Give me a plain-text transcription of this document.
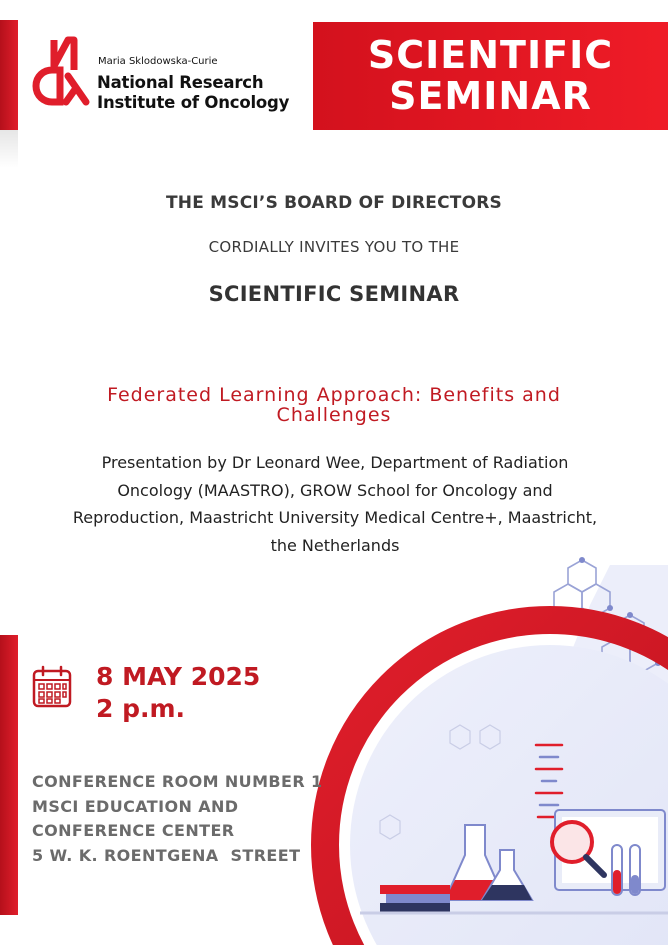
Maria Sklodowska-Curie
National Research
Institute of Oncology
SCIENTIFIC
SEMINAR
THE MSCI’S BOARD OF DIRECTORS
CORDIALLY INVITES YOU TO THE
SCIENTIFIC SEMINAR
Federated Learning Approach: Benefits and
Challenges
Presentation by Dr Leonard Wee, Department of Radiation
Oncology (MAASTRO), GROW School for Oncology and
Reproduction, Maastricht University Medical Centre+, Maastricht,
the Netherlands
8 MAY 2025
2 p.m.
CONFERENCE ROOM NUMBER 1
MSCI EDUCATION AND
CONFERENCE CENTER
5 W. K. ROENTGENA  STREET
